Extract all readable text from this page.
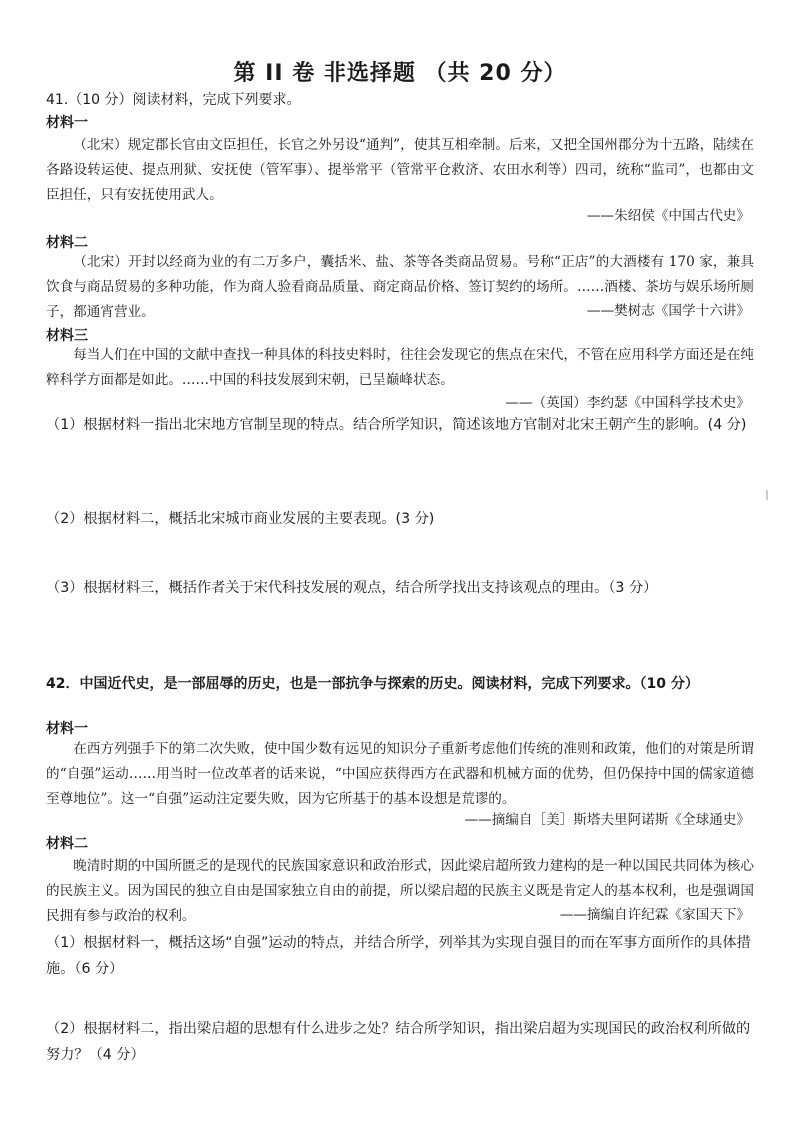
第 II 卷 非选择题 （共 20 分）
41.（10 分）阅读材料，完成下列要求。
材料一
（北宋）规定郡长官由文臣担任，长官之外另设“通判”，使其互相牵制。后来，又把全国州郡分为十五路，陆续在各路设转运使、提点刑狱、安抚使（管军事）、提举常平（管常平仓救济、农田水利等）四司，统称“监司”，也都由文臣担任，只有安抚使用武人。
——朱绍侯《中国古代史》
材料二
（北宋）开封以经商为业的有二万多户，囊括米、盐、茶等各类商品贸易。号称“正店”的大酒楼有 170 家，兼具饮食与商品贸易的多种功能，作为商人验看商品质量、商定商品价格、签订契约的场所。……酒楼、茶坊与娱乐场所厕子，都通宵营业。	——樊树志《国学十六讲》
材料三
每当人们在中国的文献中查找一种具体的科技史料时，往往会发现它的焦点在宋代，不管在应用科学方面还是在纯粹科学方面都是如此。……中国的科技发展到宋朝，已呈巅峰状态。
——（英国）李约瑟《中国科学技术史》
（1）根据材料一指出北宋地方官制呈现的特点。结合所学知识，简述该地方官制对北宋王朝产生的影响。(4 分)
（2）根据材料二，概括北宋城市商业发展的主要表现。(3 分)
（3）根据材料三，概括作者关于宋代科技发展的观点，结合所学找出支持该观点的理由。（3 分）
42．中国近代史，是一部屈辱的历史，也是一部抗争与探索的历史。阅读材料，完成下列要求。（10 分）
材料一
在西方列强手下的第二次失败，使中国少数有远见的知识分子重新考虑他们传统的准则和政策，他们的对策是所谓的“自强”运动……用当时一位改革者的话来说，“中国应获得西方在武器和机械方面的优势，但仍保持中国的儒家道德至尊地位”。这一“自强”运动注定要失败，因为它所基于的基本设想是荒谬的。
——摘编自［美］斯塔夫里阿诺斯《全球通史》
材料二
晚清时期的中国所匮乏的是现代的民族国家意识和政治形式，因此梁启超所致力建构的是一种以国民共同体为核心的民族主义。因为国民的独立自由是国家独立自由的前提，所以梁启超的民族主义既是肯定人的基本权利，也是强调国民拥有参与政治的权利。	——摘编自许纪霖《家国天下》
（1）根据材料一，概括这场“自强”运动的特点，并结合所学，列举其为实现自强目的而在军事方面所作的具体措施。（6 分）
（2）根据材料二，指出梁启超的思想有什么进步之处？结合所学知识，指出梁启超为实现国民的政治权利所做的努力？（4 分）
